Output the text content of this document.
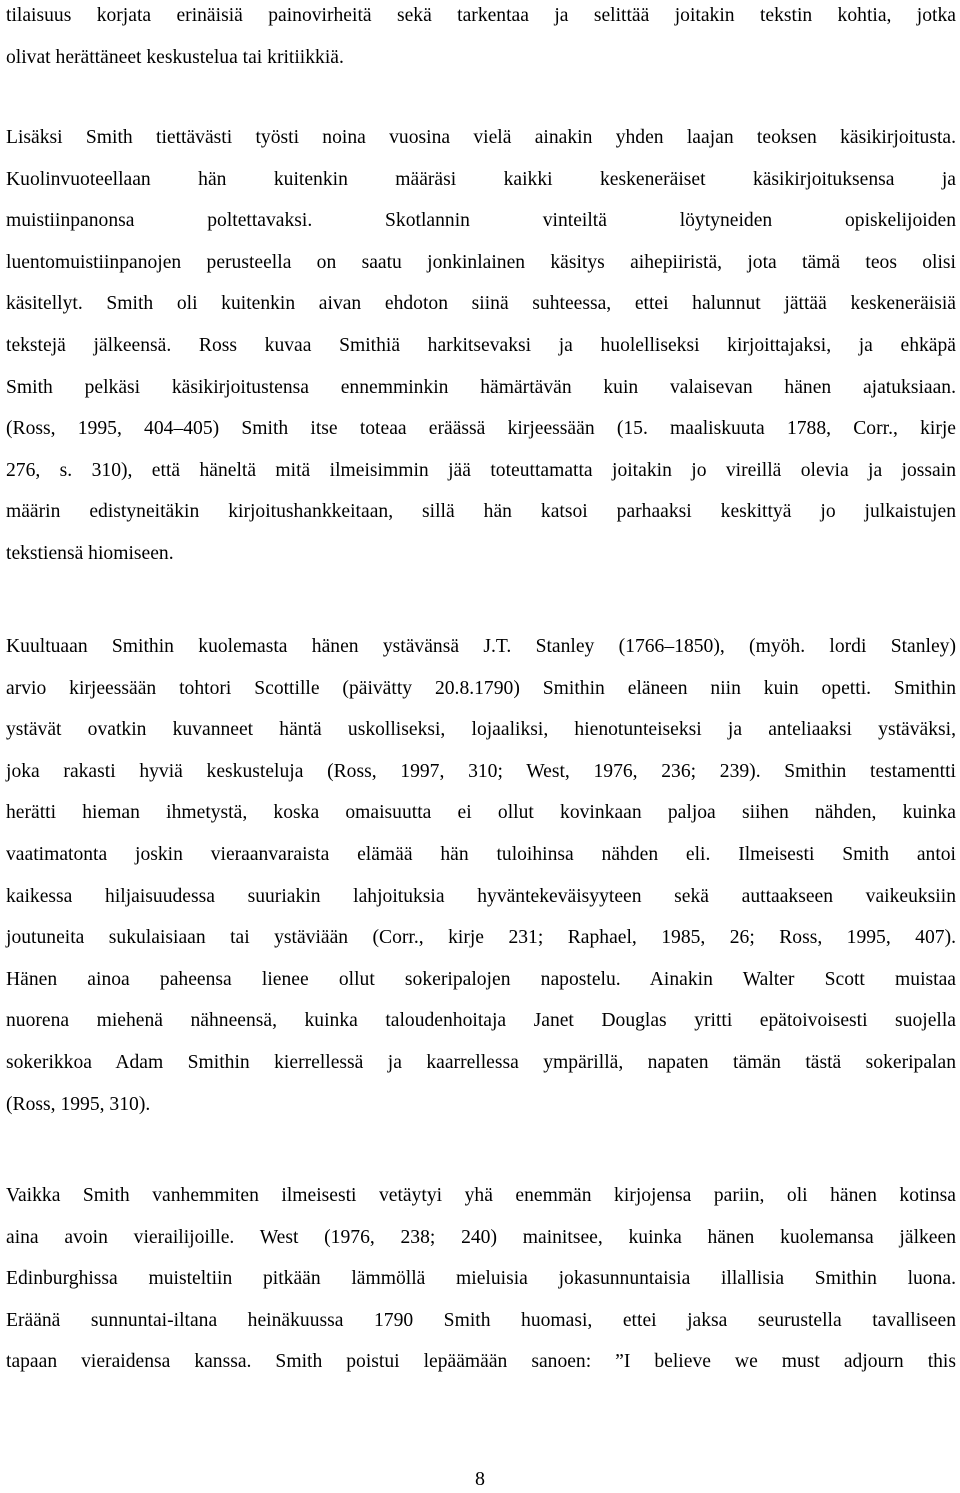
tilaisuus korjata erinäisiä painovirheitä sekä tarkentaa ja selittää joitakin tekstin kohtia, jotka
olivat herättäneet keskustelua tai kritiikkiä.

Lisäksi Smith tiettävästi työsti noina vuosina vielä ainakin yhden laajan teoksen käsikirjoitusta.
Kuolinvuoteellaan hän kuitenkin määräsi kaikki keskeneräiset käsikirjoituksensa ja
muistiinpanonsa poltettavaksi. Skotlannin vinteiltä löytyneiden opiskelijoiden
luentomuistiinpanojen perusteella on saatu jonkinlainen käsitys aihepiiristä, jota tämä teos olisi
käsitellyt. Smith oli kuitenkin aivan ehdoton siinä suhteessa, ettei halunnut jättää keskeneräisiä
tekstejä jälkeensä. Ross kuvaa Smithiä harkitsevaksi ja huolelliseksi kirjoittajaksi, ja ehkäpä
Smith pelkäsi käsikirjoitustensa ennemminkin hämärtävän kuin valaisevan hänen ajatuksiaan.
(Ross, 1995, 404–405) Smith itse toteaa eräässä kirjeessään (15. maaliskuuta 1788, Corr., kirje
276, s. 310), että häneltä mitä ilmeisimmin jää toteuttamatta joitakin jo vireillä olevia ja jossain
määrin edistyneitäkin kirjoitushankkeitaan, sillä hän katsoi parhaaksi keskittyä jo julkaistujen
tekstiensä hiomiseen.

Kuultuaan Smithin kuolemasta hänen ystävänsä J.T. Stanley (1766–1850), (myöh. lordi Stanley)
arvio kirjeessään tohtori Scottille (päivätty 20.8.1790) Smithin eläneen niin kuin opetti. Smithin
ystävät ovatkin kuvanneet häntä uskolliseksi, lojaaliksi, hienotunteiseksi ja anteliaaksi ystäväksi,
joka rakasti hyviä keskusteluja (Ross, 1997, 310; West, 1976, 236; 239). Smithin testamentti
herätti hieman ihmetystä, koska omaisuutta ei ollut kovinkaan paljoa siihen nähden, kuinka
vaatimatonta joskin vieraanvaraista elämää hän tuloihinsa nähden eli. Ilmeisesti Smith antoi
kaikessa hiljaisuudessa suuriakin lahjoituksia hyväntekeväisyyteen sekä auttaakseen vaikeuksiin
joutuneita sukulaisiaan tai ystäviään (Corr., kirje 231; Raphael, 1985, 26; Ross, 1995, 407).
Hänen ainoa paheensa lienee ollut sokeripalojen napostelu. Ainakin Walter Scott muistaa
nuorena miehenä nähneensä, kuinka taloudenhoitaja Janet Douglas yritti epätoivoisesti suojella
sokerikkoa Adam Smithin kierrellessä ja kaarrellessa ympärillä, napaten tämän tästä sokeripalan
(Ross, 1995, 310).

Vaikka Smith vanhemmiten ilmeisesti vetäytyi yhä enemmän kirjojensa pariin, oli hänen kotinsa
aina avoin vierailijoille. West (1976, 238; 240) mainitsee, kuinka hänen kuolemansa jälkeen
Edinburghissa muisteltiin pitkään lämmöllä mieluisia jokasunnuntaisia illallisia Smithin luona.
Eräänä sunnuntai-iltana heinäkuussa 1790 Smith huomasi, ettei jaksa seurustella tavalliseen
tapaan vieraidensa kanssa. Smith poistui lepäämään sanoen: ”I believe we must adjourn this

8
